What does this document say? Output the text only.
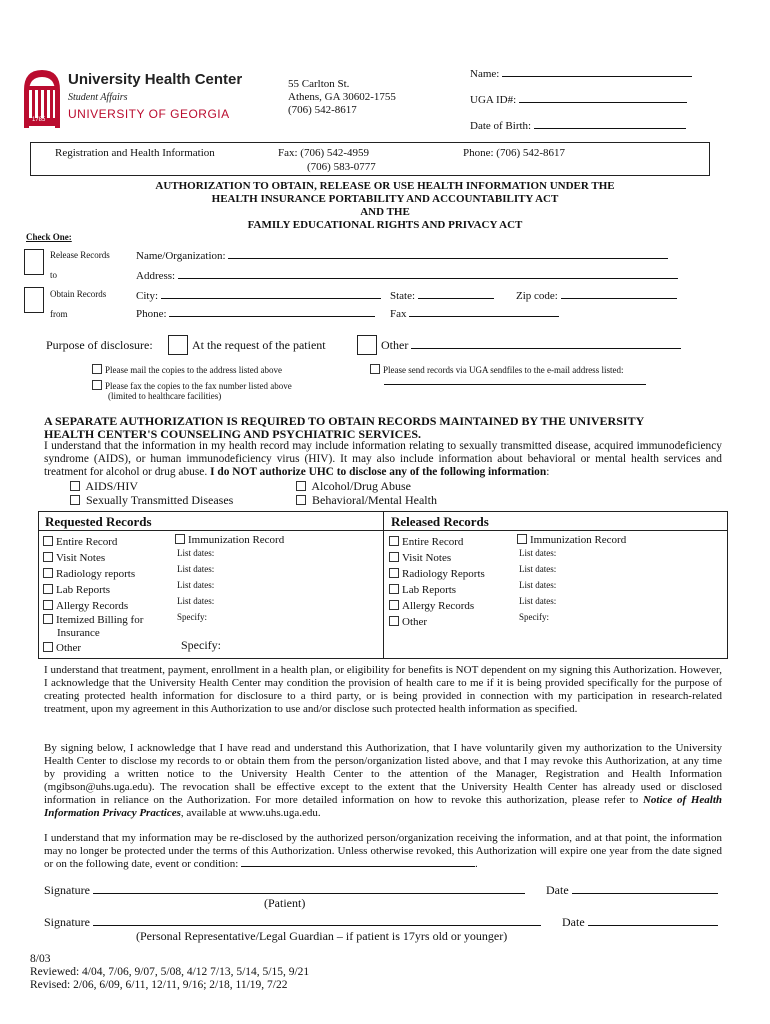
1785
University Health Center
Student Affairs
UNIVERSITY OF GEORGIA
55 Carlton St.
Athens, GA 30602-1755
(706) 542-8617
Name:
UGA ID#:
Date of Birth:
Registration and Health Information	Fax: (706) 542-4959
(706) 583-0777
Phone: (706) 542-8617
AUTHORIZATION TO OBTAIN, RELEASE OR USE HEALTH INFORMATION UNDER THE
HEALTH INSURANCE PORTABILITY AND ACCOUNTABILITY ACT
AND THE
FAMILY EDUCATIONAL RIGHTS AND PRIVACY ACT
Check One:
Release Records
to
Obtain Records
from
Name/Organization:
Address:
City:	State:	Zip code:
Phone:	Fax
Purpose of disclosure:	At the request of the patient	Other
Please mail the copies to the address listed above
Please fax the copies to the fax number listed above
(limited to healthcare facilities)
Please send records via UGA sendfiles to the e-mail address listed:
A SEPARATE AUTHORIZATION IS REQUIRED TO OBTAIN RECORDS MAINTAINED BY THE UNIVERSITY
HEALTH CENTER'S COUNSELING AND PSYCHIATRIC SERVICES.
I understand that the information in my health record may include information relating to sexually transmitted disease, acquired immunodeficiency syndrome (AIDS), or human immunodeficiency virus (HIV). It may also include information about behavioral or mental health services and treatment for alcohol or drug abuse. I do NOT authorize UHC to disclose any of the following information:
AIDS/HIV
Sexually Transmitted Diseases
Alcohol/Drug Abuse
Behavioral/Mental Health
Requested Records	Released Records
Entire Record
Visit Notes
Radiology reports
Lab Reports
Allergy Records
Itemized Billing for
Insurance
Other
Immunization Record
List dates:
List dates:
List dates:
List dates:
Specify:
Specify:
Entire Record
Visit Notes
Radiology Reports
Lab Reports
Allergy Records
Other
Immunization Record
List dates:
List dates:
List dates:
List dates:
Specify:
I understand that treatment, payment, enrollment in a health plan, or eligibility for benefits is NOT dependent on my signing this Authorization. However, I acknowledge that the University Health Center may condition the provision of health care to me if it is being provided specifically for the purpose of creating protected health information for disclosure to a third party, or is being provided in connection with my participation in research-related treatment, upon my agreement in this Authorization to use and/or disclose such protected health information as specified.
By signing below, I acknowledge that I have read and understand this Authorization, that I have voluntarily given my authorization to the University Health Center to disclose my records to or obtain them from the person/organization listed above, and that I may revoke this Authorization, at any time by providing a written notice to the University Health Center to the attention of the Manager, Registration and Health Information (mgibson@uhs.uga.edu). The revocation shall be effective except to the extent that the University Health Center has already used or disclosed information in reliance on the Authorization. For more detailed information on how to revoke this authorization, please refer to Notice of Health Information Privacy Practices, available at www.uhs.uga.edu.
I understand that my information may be re-disclosed by the authorized person/organization receiving the information, and at that point, the information may no longer be protected under the terms of this Authorization. Unless otherwise revoked, this Authorization will expire one year from the date signed or on the following date, event or condition:	.
Signature	Date
(Patient)
Signature	Date
(Personal Representative/Legal Guardian – if patient is 17yrs old or younger)
8/03
Reviewed: 4/04, 7/06, 9/07, 5/08, 4/12 7/13, 5/14, 5/15, 9/21
Revised: 2/06, 6/09, 6/11, 12/11, 9/16; 2/18, 11/19, 7/22
